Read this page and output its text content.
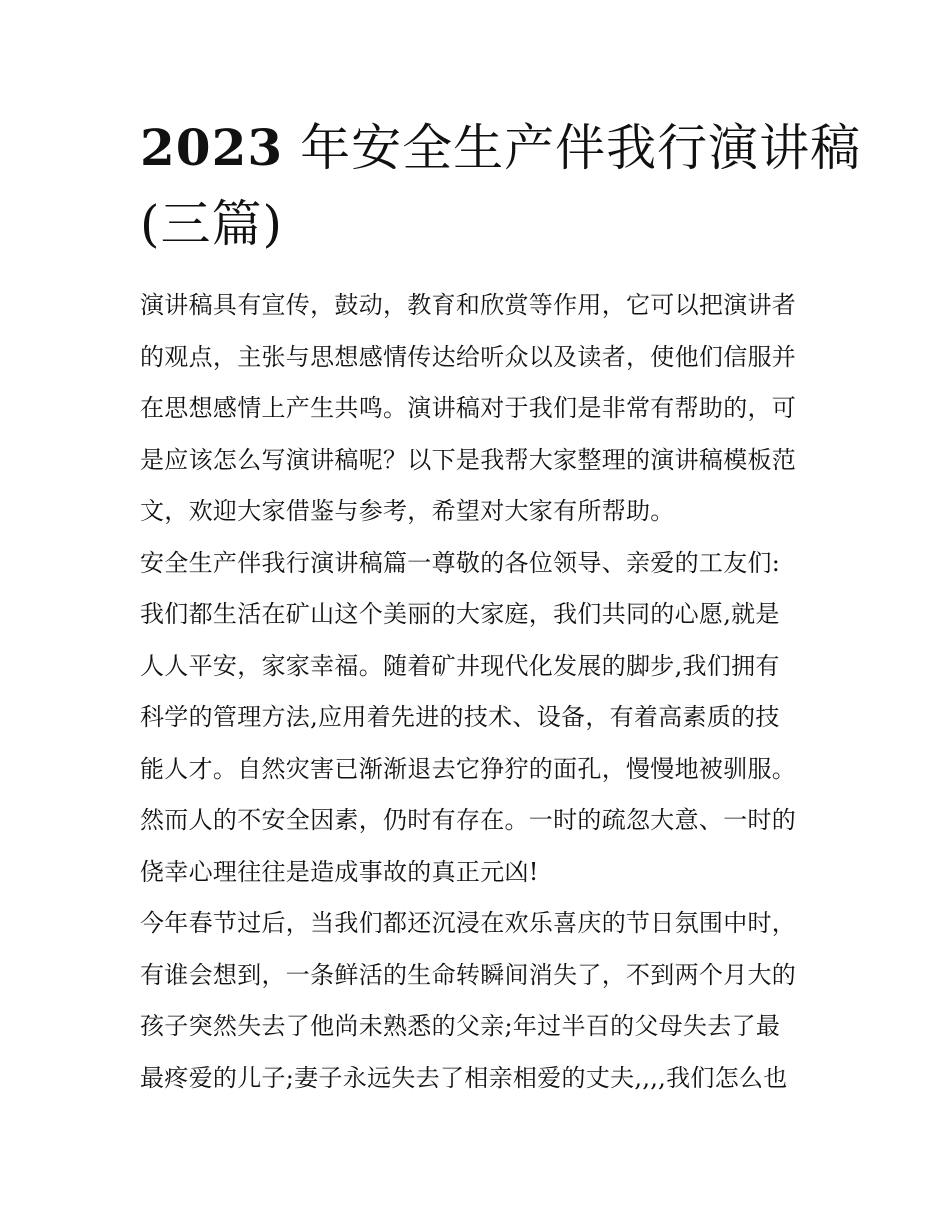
2023 年安全生产伴我行演讲稿
(三篇)
演讲稿具有宣传，鼓动，教育和欣赏等作用，它可以把演讲者
的观点，主张与思想感情传达给听众以及读者，使他们信服并
在思想感情上产生共鸣。演讲稿对于我们是非常有帮助的，可
是应该怎么写演讲稿呢？以下是我帮大家整理的演讲稿模板范
文，欢迎大家借鉴与参考，希望对大家有所帮助。
安全生产伴我行演讲稿篇一尊敬的各位领导、亲爱的工友们:
我们都生活在矿山这个美丽的大家庭，我们共同的心愿,就是
人人平安，家家幸福。随着矿井现代化发展的脚步,我们拥有
科学的管理方法,应用着先进的技术、设备，有着高素质的技
能人才。自然灾害已渐渐退去它狰狞的面孔，慢慢地被驯服。
然而人的不安全因素，仍时有存在。一时的疏忽大意、一时的
侥幸心理往往是造成事故的真正元凶!
今年春节过后，当我们都还沉浸在欢乐喜庆的节日氛围中时，
有谁会想到，一条鲜活的生命转瞬间消失了，不到两个月大的
孩子突然失去了他尚未熟悉的父亲;年过半百的父母失去了最
最疼爱的儿子;妻子永远失去了相亲相爱的丈夫,,,,我们怎么也
